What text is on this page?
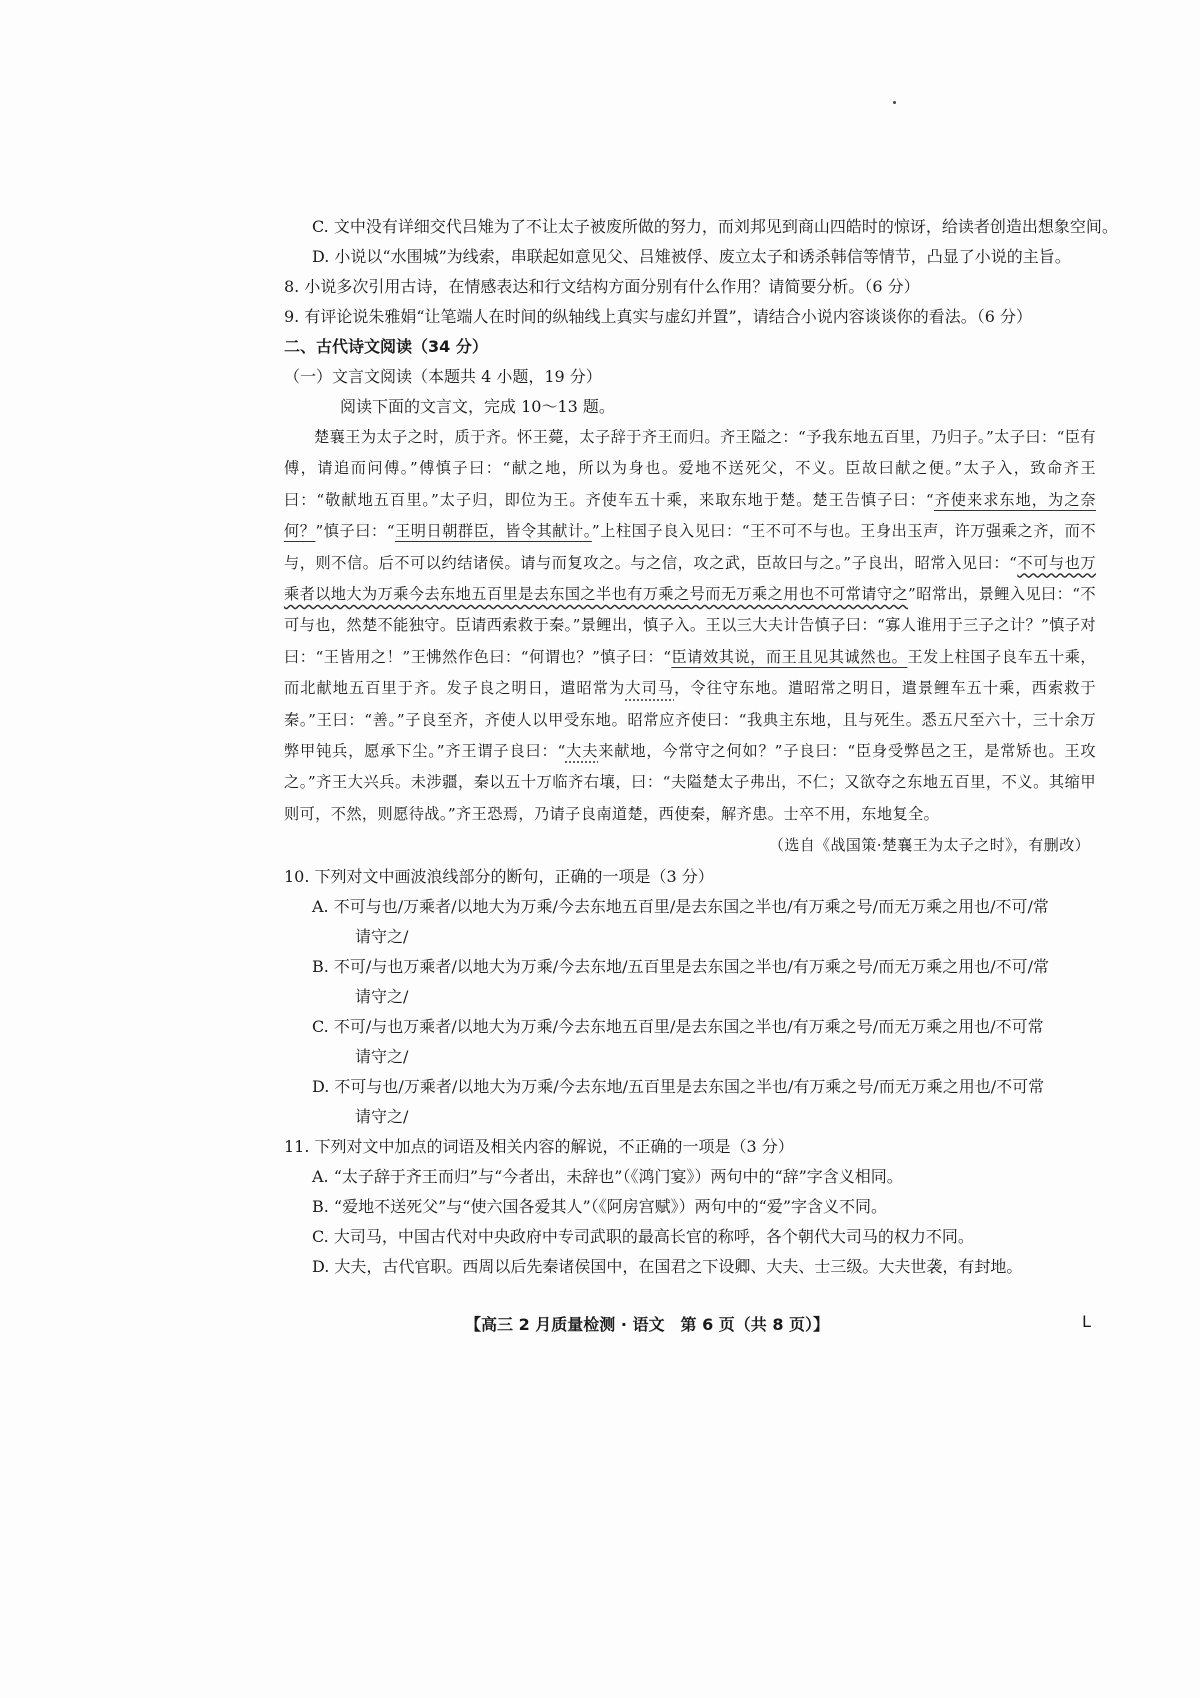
C. 文中没有详细交代吕雉为了不让太子被废所做的努力，而刘邦见到商山四皓时的惊讶，给读者创造出想象空间。
D. 小说以“水围城”为线索，串联起如意见父、吕雉被俘、废立太子和诱杀韩信等情节，凸显了小说的主旨。
8. 小说多次引用古诗，在情感表达和行文结构方面分别有什么作用？请简要分析。（6 分）
9. 有评论说朱雅娟“让笔端人在时间的纵轴线上真实与虚幻并置”，请结合小说内容谈谈你的看法。（6 分）
二、古代诗文阅读（34 分）
（一）文言文阅读（本题共 4 小题，19 分）
阅读下面的文言文，完成 10～13 题。
楚襄王为太子之时，质于齐。怀王薨，太子辞于齐王而归。齐王隘之：“予我东地五百里，乃归子。”太子曰：“臣有傅，请追而问傅。”傅慎子曰：“献之地，所以为身也。爱地不送死父，不义。臣故曰献之便。”太子入，致命齐王曰：“敬献地五百里。”太子归，即位为王。齐使车五十乘，来取东地于楚。楚王告慎子曰：“齐使来求东地，为之奈何？”慎子曰：“王明日朝群臣，皆令其献计。”上柱国子良入见曰：“王不可不与也。王身出玉声，许万强乘之齐，而不与，则不信。后不可以约结诸侯。请与而复攻之。与之信，攻之武，臣故曰与之。”子良出，昭常入见曰：“不可与也万乘者以地大为万乘今去东地五百里是去东国之半也有万乘之号而无万乘之用也不可常请守之”昭常出，景鲤入见曰：“不可与也，然楚不能独守。臣请西索救于秦。”景鲤出，慎子入。王以三大夫计告慎子曰：“寡人谁用于三子之计？”慎子对曰：“王皆用之！”王怫然作色曰：“何谓也？”慎子曰：“臣请效其说，而王且见其诚然也。王发上柱国子良车五十乘，而北献地五百里于齐。发子良之明日，遣昭常为大司马，令往守东地。遣昭常之明日，遣景鲤车五十乘，西索救于秦。”王曰：“善。”子良至齐，齐使人以甲受东地。昭常应齐使曰：“我典主东地，且与死生。悉五尺至六十，三十余万弊甲钝兵，愿承下尘。”齐王谓子良曰：“大夫来献地，今常守之何如？”子良曰：“臣身受弊邑之王，是常矫也。王攻之。”齐王大兴兵。未涉疆，秦以五十万临齐右壤，曰：“夫隘楚太子弗出，不仁；又欲夺之东地五百里，不义。其缩甲则可，不然，则愿待战。”齐王恐焉，乃请子良南道楚，西使秦，解齐患。士卒不用，东地复全。
（选自《战国策·楚襄王为太子之时》，有删改）
10. 下列对文中画波浪线部分的断句，正确的一项是（3 分）
A. 不可与也/万乘者/以地大为万乘/今去东地五百里/是去东国之半也/有万乘之号/而无万乘之用也/不可/常
请守之/
B. 不可/与也万乘者/以地大为万乘/今去东地/五百里是去东国之半也/有万乘之号/而无万乘之用也/不可/常
请守之/
C. 不可/与也万乘者/以地大为万乘/今去东地五百里/是去东国之半也/有万乘之号/而无万乘之用也/不可常
请守之/
D. 不可与也/万乘者/以地大为万乘/今去东地/五百里是去东国之半也/有万乘之号/而无万乘之用也/不可常
请守之/
11. 下列对文中加点的词语及相关内容的解说，不正确的一项是（3 分）
A. “太子辞于齐王而归”与“今者出，未辞也”（《鸿门宴》）两句中的“辞”字含义相同。
B. “爱地不送死父”与“使六国各爱其人”（《阿房宫赋》）两句中的“爱”字含义不同。
C. 大司马，中国古代对中央政府中专司武职的最高长官的称呼，各个朝代大司马的权力不同。
D. 大夫，古代官职。西周以后先秦诸侯国中，在国君之下设卿、大夫、士三级。大夫世袭，有封地。
【高三 2 月质量检测 · 语文　第 6 页（共 8 页）】	L
